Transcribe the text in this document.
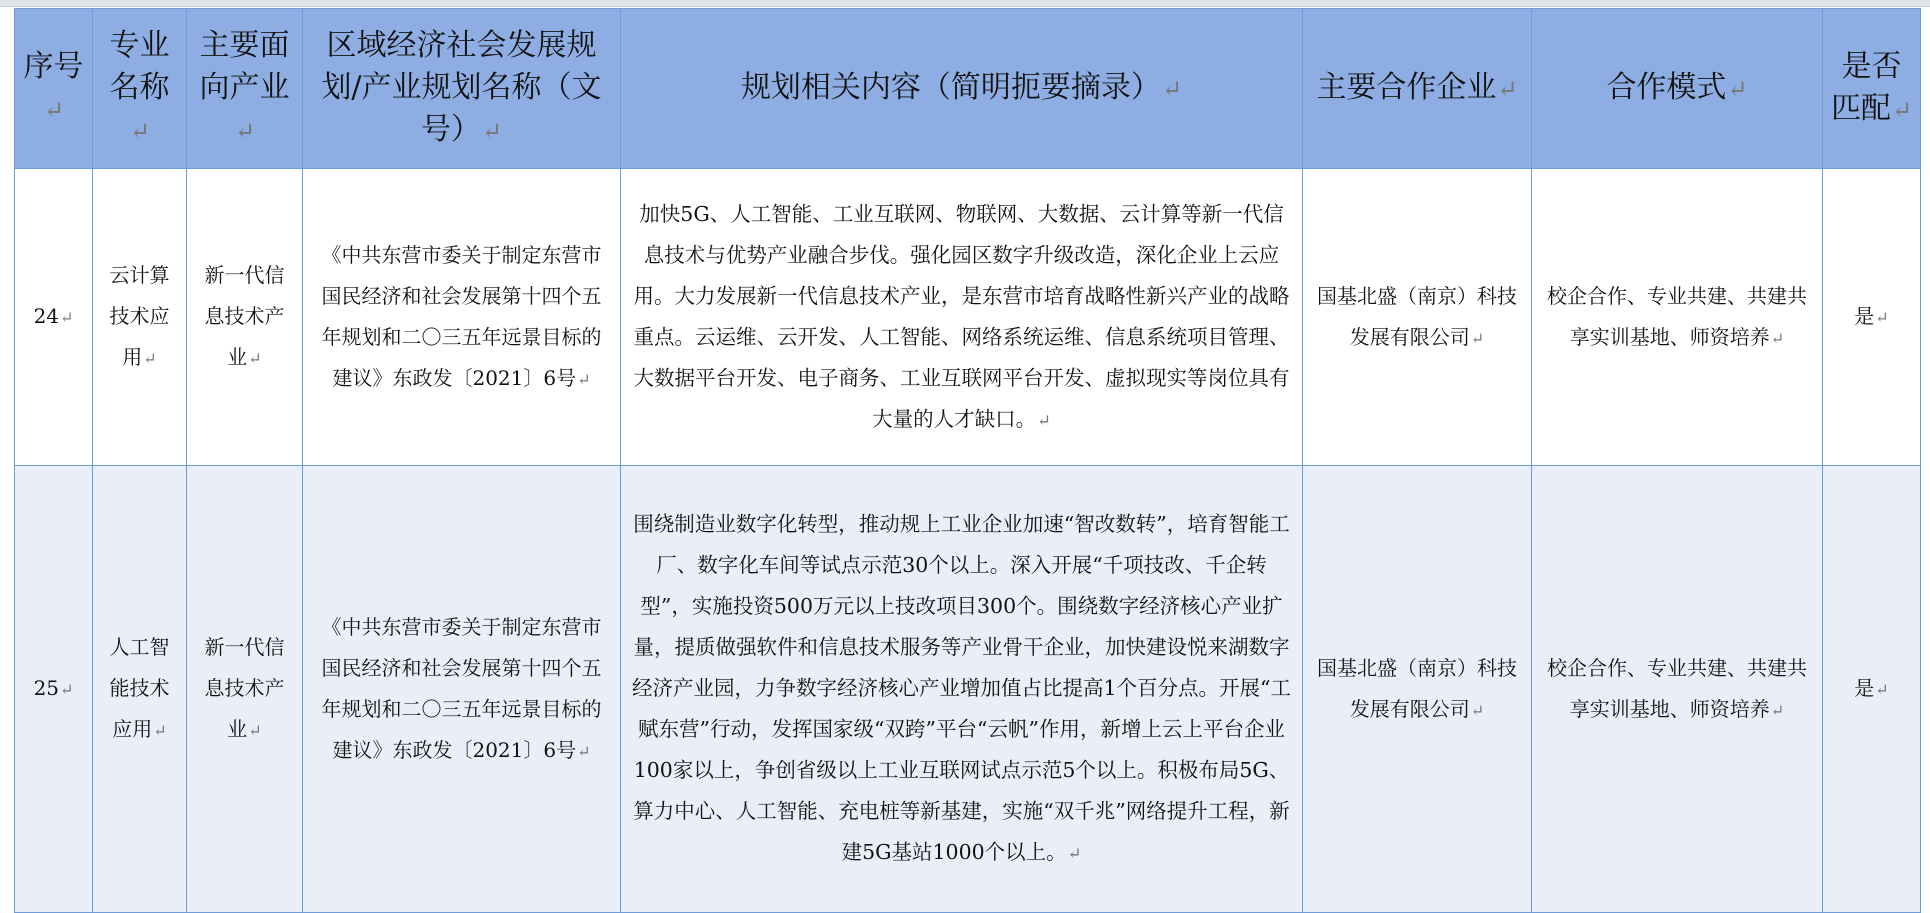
序号↵	专业名称↵	主要面向产业↵	区域经济社会发展规划/产业规划名称（文号）↵	规划相关内容（简明扼要摘录）↵	主要合作企业↵	合作模式↵	是否匹配↵
24↵	云计算技术应用↵	新一代信息技术产业↵	《中共东营市委关于制定东营市国民经济和社会发展第十四个五年规划和二〇三五年远景目标的建议》东政发〔2021〕6号↵	加快5G、人工智能、工业互联网、物联网、大数据、云计算等新一代信息技术与优势产业融合步伐。强化园区数字升级改造，深化企业上云应用。大力发展新一代信息技术产业，是东营市培育战略性新兴产业的战略重点。云运维、云开发、人工智能、网络系统运维、信息系统项目管理、大数据平台开发、电子商务、工业互联网平台开发、虚拟现实等岗位具有大量的人才缺口。↵	国基北盛（南京）科技发展有限公司↵	校企合作、专业共建、共建共享实训基地、师资培养↵	是↵
25↵	人工智能技术应用↵	新一代信息技术产业↵	《中共东营市委关于制定东营市国民经济和社会发展第十四个五年规划和二〇三五年远景目标的建议》东政发〔2021〕6号↵	围绕制造业数字化转型，推动规上工业企业加速“智改数转”，培育智能工厂、数字化车间等试点示范30个以上。深入开展“千项技改、千企转型”，实施投资500万元以上技改项目300个。围绕数字经济核心产业扩量，提质做强软件和信息技术服务等产业骨干企业，加快建设悦来湖数字经济产业园，力争数字经济核心产业增加值占比提高1个百分点。开展“工赋东营”行动，发挥国家级“双跨”平台“云帆”作用，新增上云上平台企业100家以上，争创省级以上工业互联网试点示范5个以上。积极布局5G、算力中心、人工智能、充电桩等新基建，实施“双千兆”网络提升工程，新建5G基站1000个以上。↵	国基北盛（南京）科技发展有限公司↵	校企合作、专业共建、共建共享实训基地、师资培养↵	是↵
